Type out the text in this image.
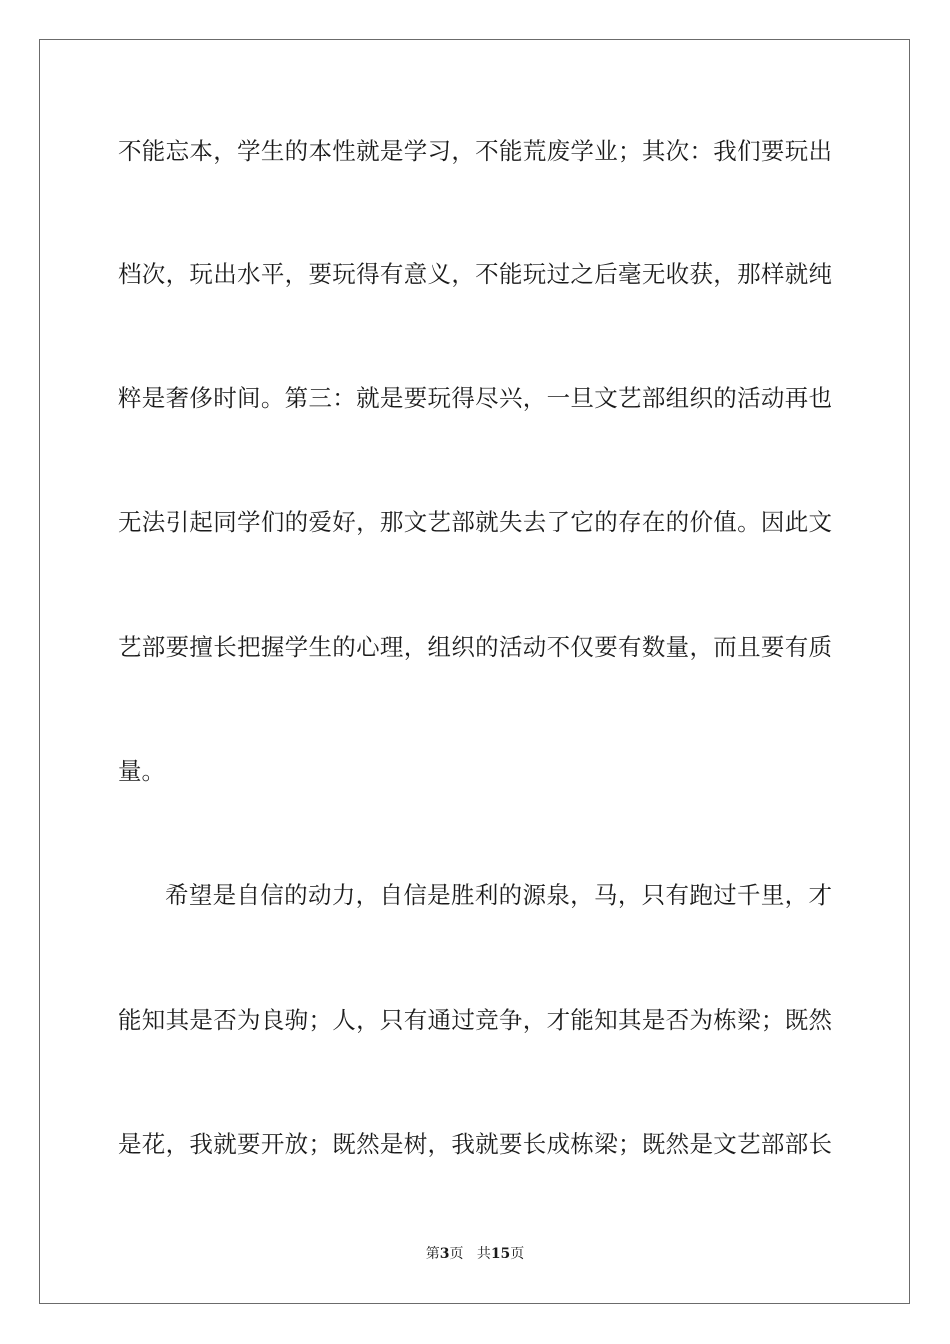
不能忘本，学生的本性就是学习，不能荒废学业；其次：我们要玩出
档次，玩出水平，要玩得有意义，不能玩过之后毫无收获，那样就纯
粹是奢侈时间。第三：就是要玩得尽兴，一旦文艺部组织的活动再也
无法引起同学们的爱好，那文艺部就失去了它的存在的价值。因此文
艺部要擅长把握学生的心理，组织的活动不仅要有数量，而且要有质
量。
希望是自信的动力，自信是胜利的源泉，马，只有跑过千里，才
能知其是否为良驹；人，只有通过竞争，才能知其是否为栋梁；既然
是花，我就要开放；既然是树，我就要长成栋梁；既然是文艺部部长
第3页 共15页
